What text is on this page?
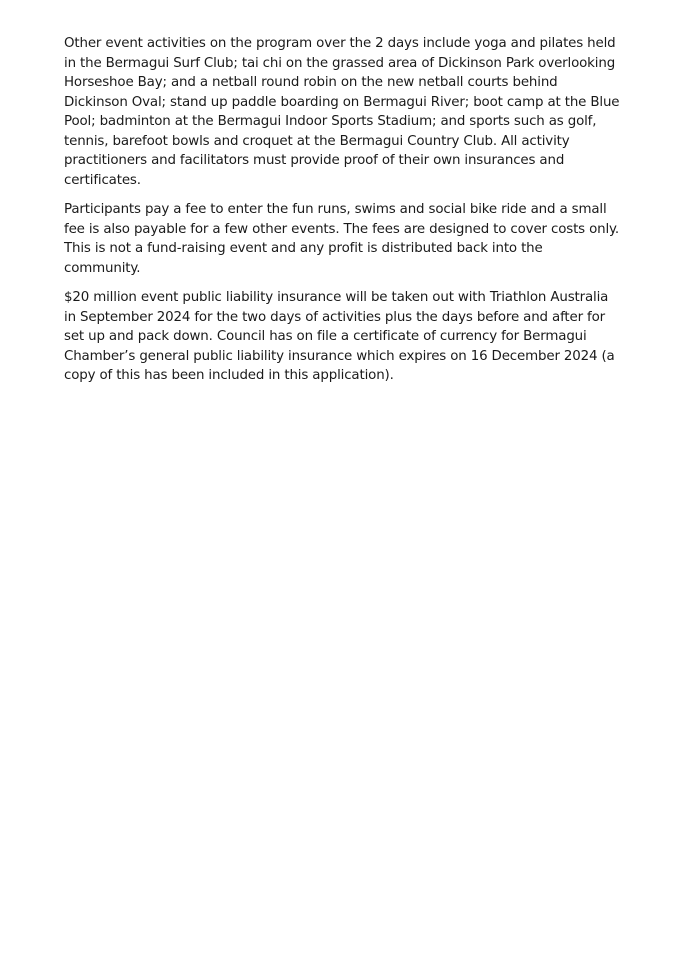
Other event activities on the program over the 2 days include yoga and pilates held
in the Bermagui Surf Club; tai chi on the grassed area of Dickinson Park overlooking
Horseshoe Bay; and a netball round robin on the new netball courts behind
Dickinson Oval; stand up paddle boarding on Bermagui River; boot camp at the Blue
Pool; badminton at the Bermagui Indoor Sports Stadium; and sports such as golf,
tennis, barefoot bowls and croquet at the Bermagui Country Club. All activity
practitioners and facilitators must provide proof of their own insurances and
certificates.

Participants pay a fee to enter the fun runs, swims and social bike ride and a small
fee is also payable for a few other events. The fees are designed to cover costs only.
This is not a fund-raising event and any profit is distributed back into the
community.

$20 million event public liability insurance will be taken out with Triathlon Australia
in September 2024 for the two days of activities plus the days before and after for
set up and pack down. Council has on file a certificate of currency for Bermagui
Chamber’s general public liability insurance which expires on 16 December 2024 (a
copy of this has been included in this application).
